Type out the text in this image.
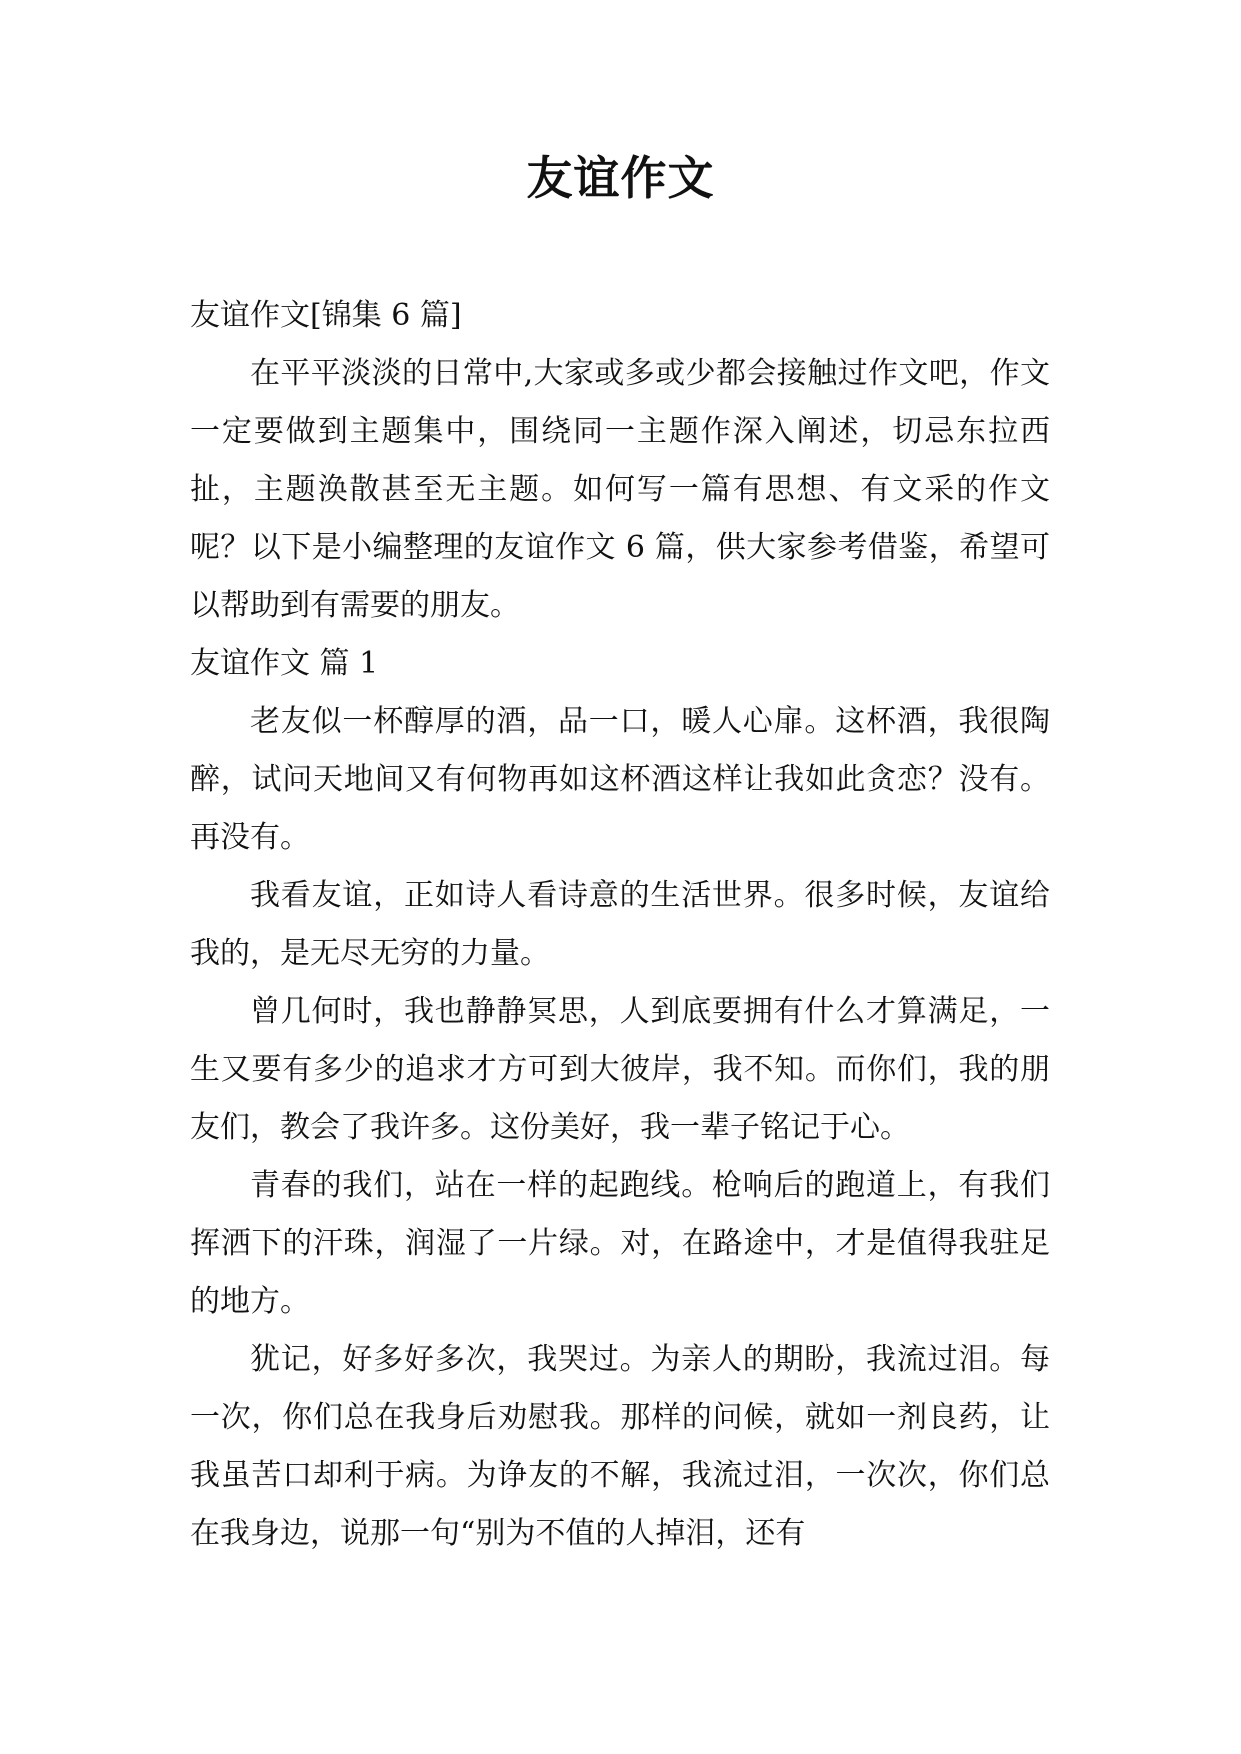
友谊作文

友谊作文[锦集 6 篇]

在平平淡淡的日常中,大家或多或少都会接触过作文吧，作文一定要做到主题集中，围绕同一主题作深入阐述，切忌东拉西扯，主题涣散甚至无主题。如何写一篇有思想、有文采的作文呢？以下是小编整理的友谊作文 6 篇，供大家参考借鉴，希望可以帮助到有需要的朋友。

友谊作文 篇 1

老友似一杯醇厚的酒，品一口，暖人心扉。这杯酒，我很陶醉，试问天地间又有何物再如这杯酒这样让我如此贪恋？没有。再没有。

我看友谊，正如诗人看诗意的生活世界。很多时候，友谊给我的，是无尽无穷的力量。

曾几何时，我也静静冥思，人到底要拥有什么才算满足，一生又要有多少的追求才方可到大彼岸，我不知。而你们，我的朋友们，教会了我许多。这份美好，我一辈子铭记于心。

青春的我们，站在一样的起跑线。枪响后的跑道上，有我们挥洒下的汗珠，润湿了一片绿。对，在路途中，才是值得我驻足的地方。

犹记，好多好多次，我哭过。为亲人的期盼，我流过泪。每一次，你们总在我身后劝慰我。那样的问候，就如一剂良药，让我虽苦口却利于病。为诤友的不解，我流过泪，一次次，你们总在我身边，说那一句“别为不值的人掉泪，还有
